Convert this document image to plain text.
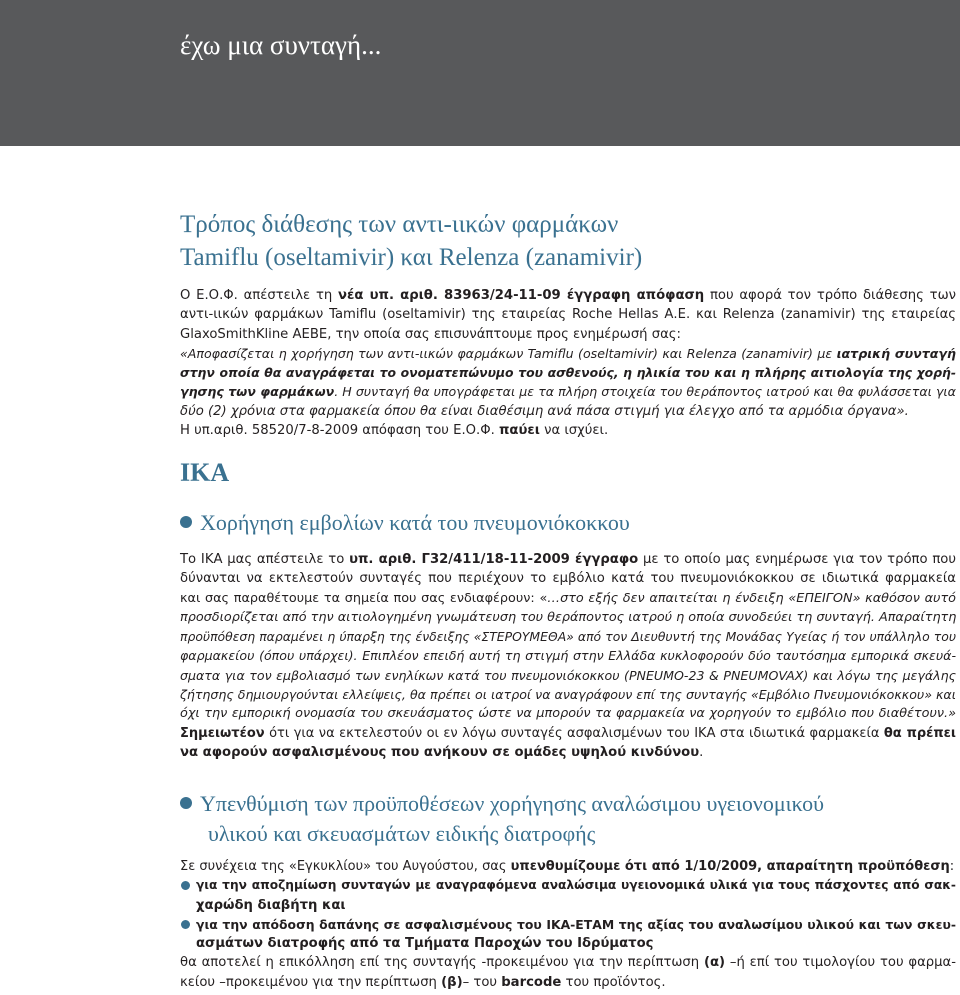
έχω μια συνταγή...
Τρόπος διάθεσης των αντι-ιικών φαρμάκων
Tamiflu (oseltamivir) και Relenza (zanamivir)
Ο Ε.Ο.Φ. απέστειλε τη νέα υπ. αριθ. 83963/24-11-09 έγγραφη απόφαση που αφορά τον τρόπο διάθεσης των
αντι-ιικών φαρμάκων Tamiflu (oseltamivir) της εταιρείας Roche Hellas Α.Ε. και Relenza (zanamivir) της εταιρείας
GlaxoSmithKline ΑΕΒΕ, την οποία σας επισυνάπτουμε προς ενημέρωσή σας:
«Αποφασίζεται η χορήγηση των αντι-ιικών φαρμάκων Tamiflu (oseltamivir) και Relenza (zanamivir) με ιατρική συνταγή
στην οποία θα αναγράφεται το ονοματεπώνυμο του ασθενούς, η ηλικία του και η πλήρης αιτιολογία της χορή-
γησης των φαρμάκων. Η συνταγή θα υπογράφεται με τα πλήρη στοιχεία του θεράποντος ιατρού και θα φυλάσσεται για
δύο (2) χρόνια στα φαρμακεία όπου θα είναι διαθέσιμη ανά πάσα στιγμή για έλεγχο από τα αρμόδια όργανα».
Η υπ.αριθ. 58520/7-8-2009 απόφαση του Ε.Ο.Φ. παύει να ισχύει.
ΙΚΑ
Χορήγηση εμβολίων κατά του πνευμονιόκοκκου
Το ΙΚΑ μας απέστειλε το υπ. αριθ. Γ32/411/18-11-2009 έγγραφο με το οποίο μας ενημέρωσε για τον τρόπο που
δύνανται να εκτελεστούν συνταγές που περιέχουν το εμβόλιο κατά του πνευμονιόκοκκου σε ιδιωτικά φαρμακεία
και σας παραθέτουμε τα σημεία που σας ενδιαφέρουν: «…στο εξής δεν απαιτείται η ένδειξη «ΕΠΕΙΓΟΝ» καθόσον αυτό
προσδιορίζεται από την αιτιολογημένη γνωμάτευση του θεράποντος ιατρού η οποία συνοδεύει τη συνταγή. Απαραίτητη
προϋπόθεση παραμένει η ύπαρξη της ένδειξης «ΣΤΕΡΟΥΜΕΘΑ» από τον Διευθυντή της Μονάδας Υγείας ή τον υπάλληλο του
φαρμακείου (όπου υπάρχει). Επιπλέον επειδή αυτή τη στιγμή στην Ελλάδα κυκλοφορούν δύο ταυτόσημα εμπορικά σκευά-
σματα για τον εμβολιασμό των ενηλίκων κατά του πνευμονιόκοκκου (PNEUMO-23 & PNEUMOVAX) και λόγω της μεγάλης
ζήτησης δημιουργούνται ελλείψεις, θα πρέπει οι ιατροί να αναγράφουν επί της συνταγής «Εμβόλιο Πνευμονιόκοκκου» και
όχι την εμπορική ονομασία του σκευάσματος ώστε να μπορούν τα φαρμακεία να χορηγούν το εμβόλιο που διαθέτουν.»
Σημειωτέον ότι για να εκτελεστούν οι εν λόγω συνταγές ασφαλισμένων του ΙΚΑ στα ιδιωτικά φαρμακεία θα πρέπει
να αφορούν ασφαλισμένους που ανήκουν σε ομάδες υψηλού κινδύνου.
Υπενθύμιση των προϋποθέσεων χορήγησης αναλώσιμου υγειονομικού
υλικού και σκευασμάτων ειδικής διατροφής
Σε συνέχεια της «Εγκυκλίου» του Αυγούστου, σας υπενθυμίζουμε ότι από 1/10/2009, απαραίτητη προϋπόθεση:
για την αποζημίωση συνταγών με αναγραφόμενα αναλώσιμα υγειονομικά υλικά για τους πάσχοντες από σακ-
χαρώδη διαβήτη και
για την απόδοση δαπάνης σε ασφαλισμένους του ΙΚΑ-ΕΤΑΜ της αξίας του αναλωσίμου υλικού και των σκευ-
ασμάτων διατροφής από τα Τμήματα Παροχών του Ιδρύματος
θα αποτελεί η επικόλληση επί της συνταγής -προκειμένου για την περίπτωση (α) –ή επί του τιμολογίου του φαρμα-
κείου –προκειμένου για την περίπτωση (β)– του barcode του προϊόντος.
